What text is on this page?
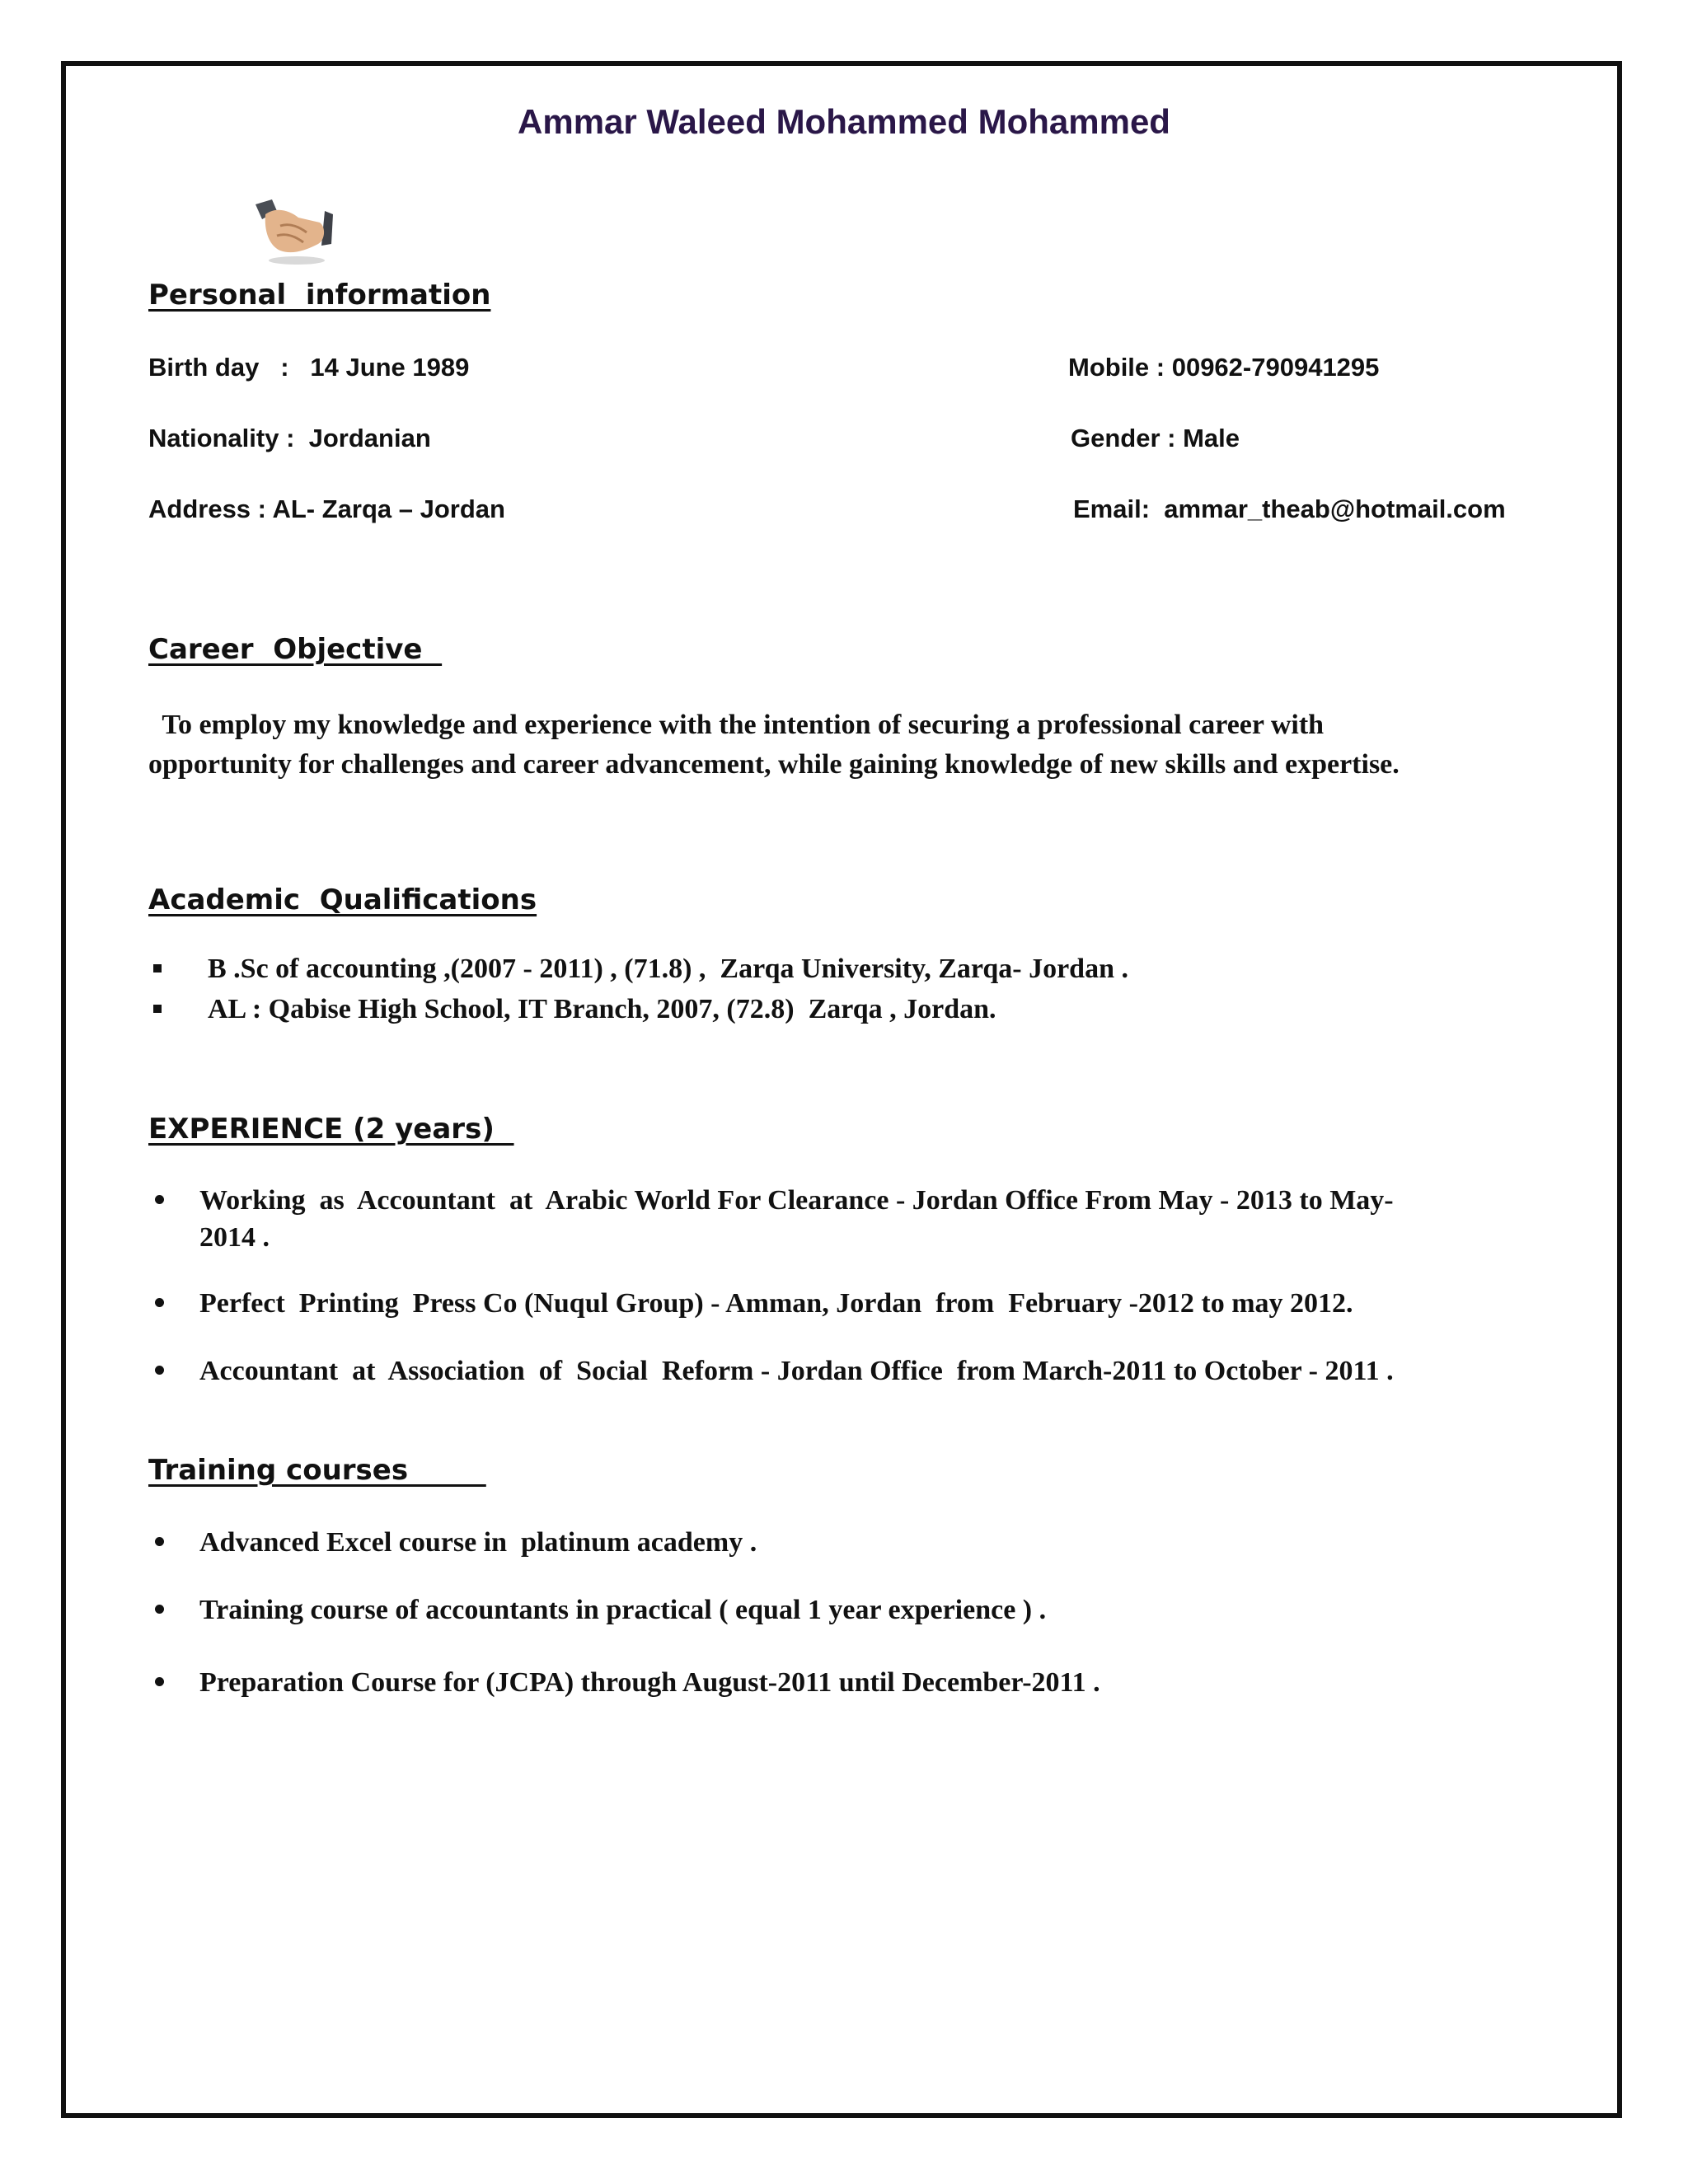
Ammar Waleed Mohammed Mohammed
Personal  information
Birth day   :   14 June 1989	Mobile : 00962-790941295
Nationality :  Jordanian	Gender : Male
Address : AL- Zarqa – Jordan	Email:  ammar_theab@hotmail.com
Career  Objective
To employ my knowledge and experience with the intention of securing a professional career with
opportunity for challenges and career advancement, while gaining knowledge of new skills and expertise.
Academic  Qualifications
B .Sc of accounting ,(2007 - 2011) , (71.8) ,  Zarqa University, Zarqa- Jordan .
AL : Qabise High School, IT Branch, 2007, (72.8)  Zarqa , Jordan.
EXPERIENCE (2 years)
Working  as  Accountant  at  Arabic World For Clearance - Jordan Office From May - 2013 to May-
2014 .
Perfect  Printing  Press Co (Nuqul Group) - Amman, Jordan  from  February -2012 to may 2012.
Accountant  at  Association  of  Social  Reform - Jordan Office  from March-2011 to October - 2011 .
Training courses
Advanced Excel course in  platinum academy .
Training course of accountants in practical ( equal 1 year experience ) .
Preparation Course for (JCPA) through August-2011 until December-2011 .
